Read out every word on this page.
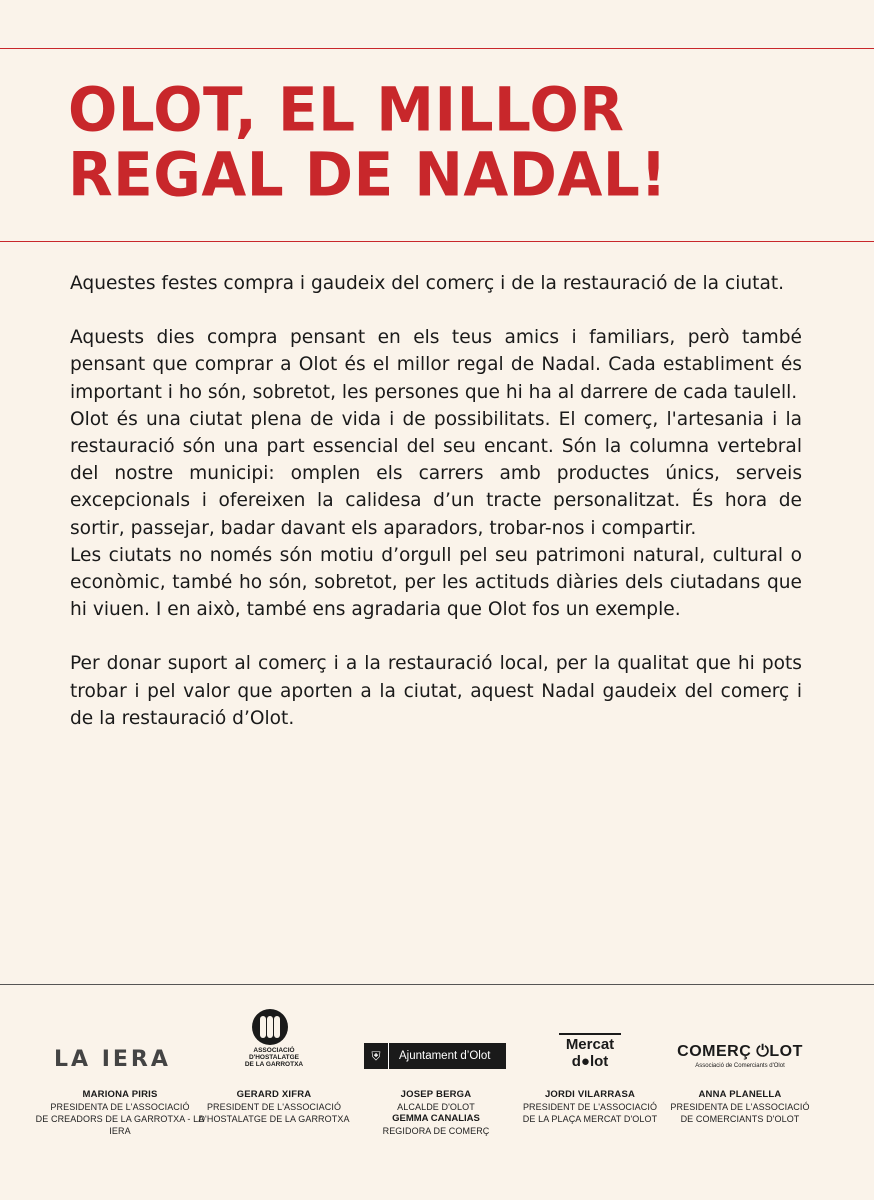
OLOT, EL MILLOR
REGAL DE NADAL!

Aquestes festes compra i gaudeix del comerç i de la restauració de la ciutat.

Aquests dies compra pensant en els teus amics i familiars, però també pensant que comprar a Olot és el millor regal de Nadal. Cada establiment és important i ho són, sobretot, les persones que hi ha al darrere de cada taulell.

Olot és una ciutat plena de vida i de possibilitats. El comerç, l'artesania i la restauració són una part essencial del seu encant. Són la columna vertebral del nostre municipi: omplen els carrers amb productes únics, serveis excepcionals i ofereixen la calidesa d’un tracte personalitzat. És hora de sortir, passejar, badar davant els aparadors, trobar-nos i compartir.

Les ciutats no només són motiu d’orgull pel seu patrimoni natural, cultural o econòmic, també ho són, sobretot, per les actituds diàries dels ciutadans que hi viuen. I en això, també ens agradaria que Olot fos un exemple.

Per donar suport al comerç i a la restauració local, per la qualitat que hi pots trobar i pel valor que aporten a la ciutat, aquest Nadal gaudeix del comerç i de la restauració d’Olot.

LA IERA
MARIONA PIRIS
PRESIDENTA DE L'ASSOCIACIÓ
DE CREADORS DE LA GARROTXA - LA IERA
ASSOCIACIÓ
D'HOSTALATGE
DE LA GARROTXA
GERARD XIFRA
PRESIDENT DE L'ASSOCIACIÓ
D'HOSTALATGE DE LA GARROTXA
⛨	Ajuntament d’Olot
JOSEP BERGA
ALCALDE D'OLOT
GEMMA CANALIAS
REGIDORA DE COMERÇ
Mercat
d●lot
JORDI VILARRASA
PRESIDENT DE L'ASSOCIACIÓ
DE LA PLAÇA MERCAT D'OLOT
COMERÇ ⏻LOT
Associació de Comerciants d'Olot
ANNA PLANELLA
PRESIDENTA DE L'ASSOCIACIÓ
DE COMERCIANTS D'OLOT
